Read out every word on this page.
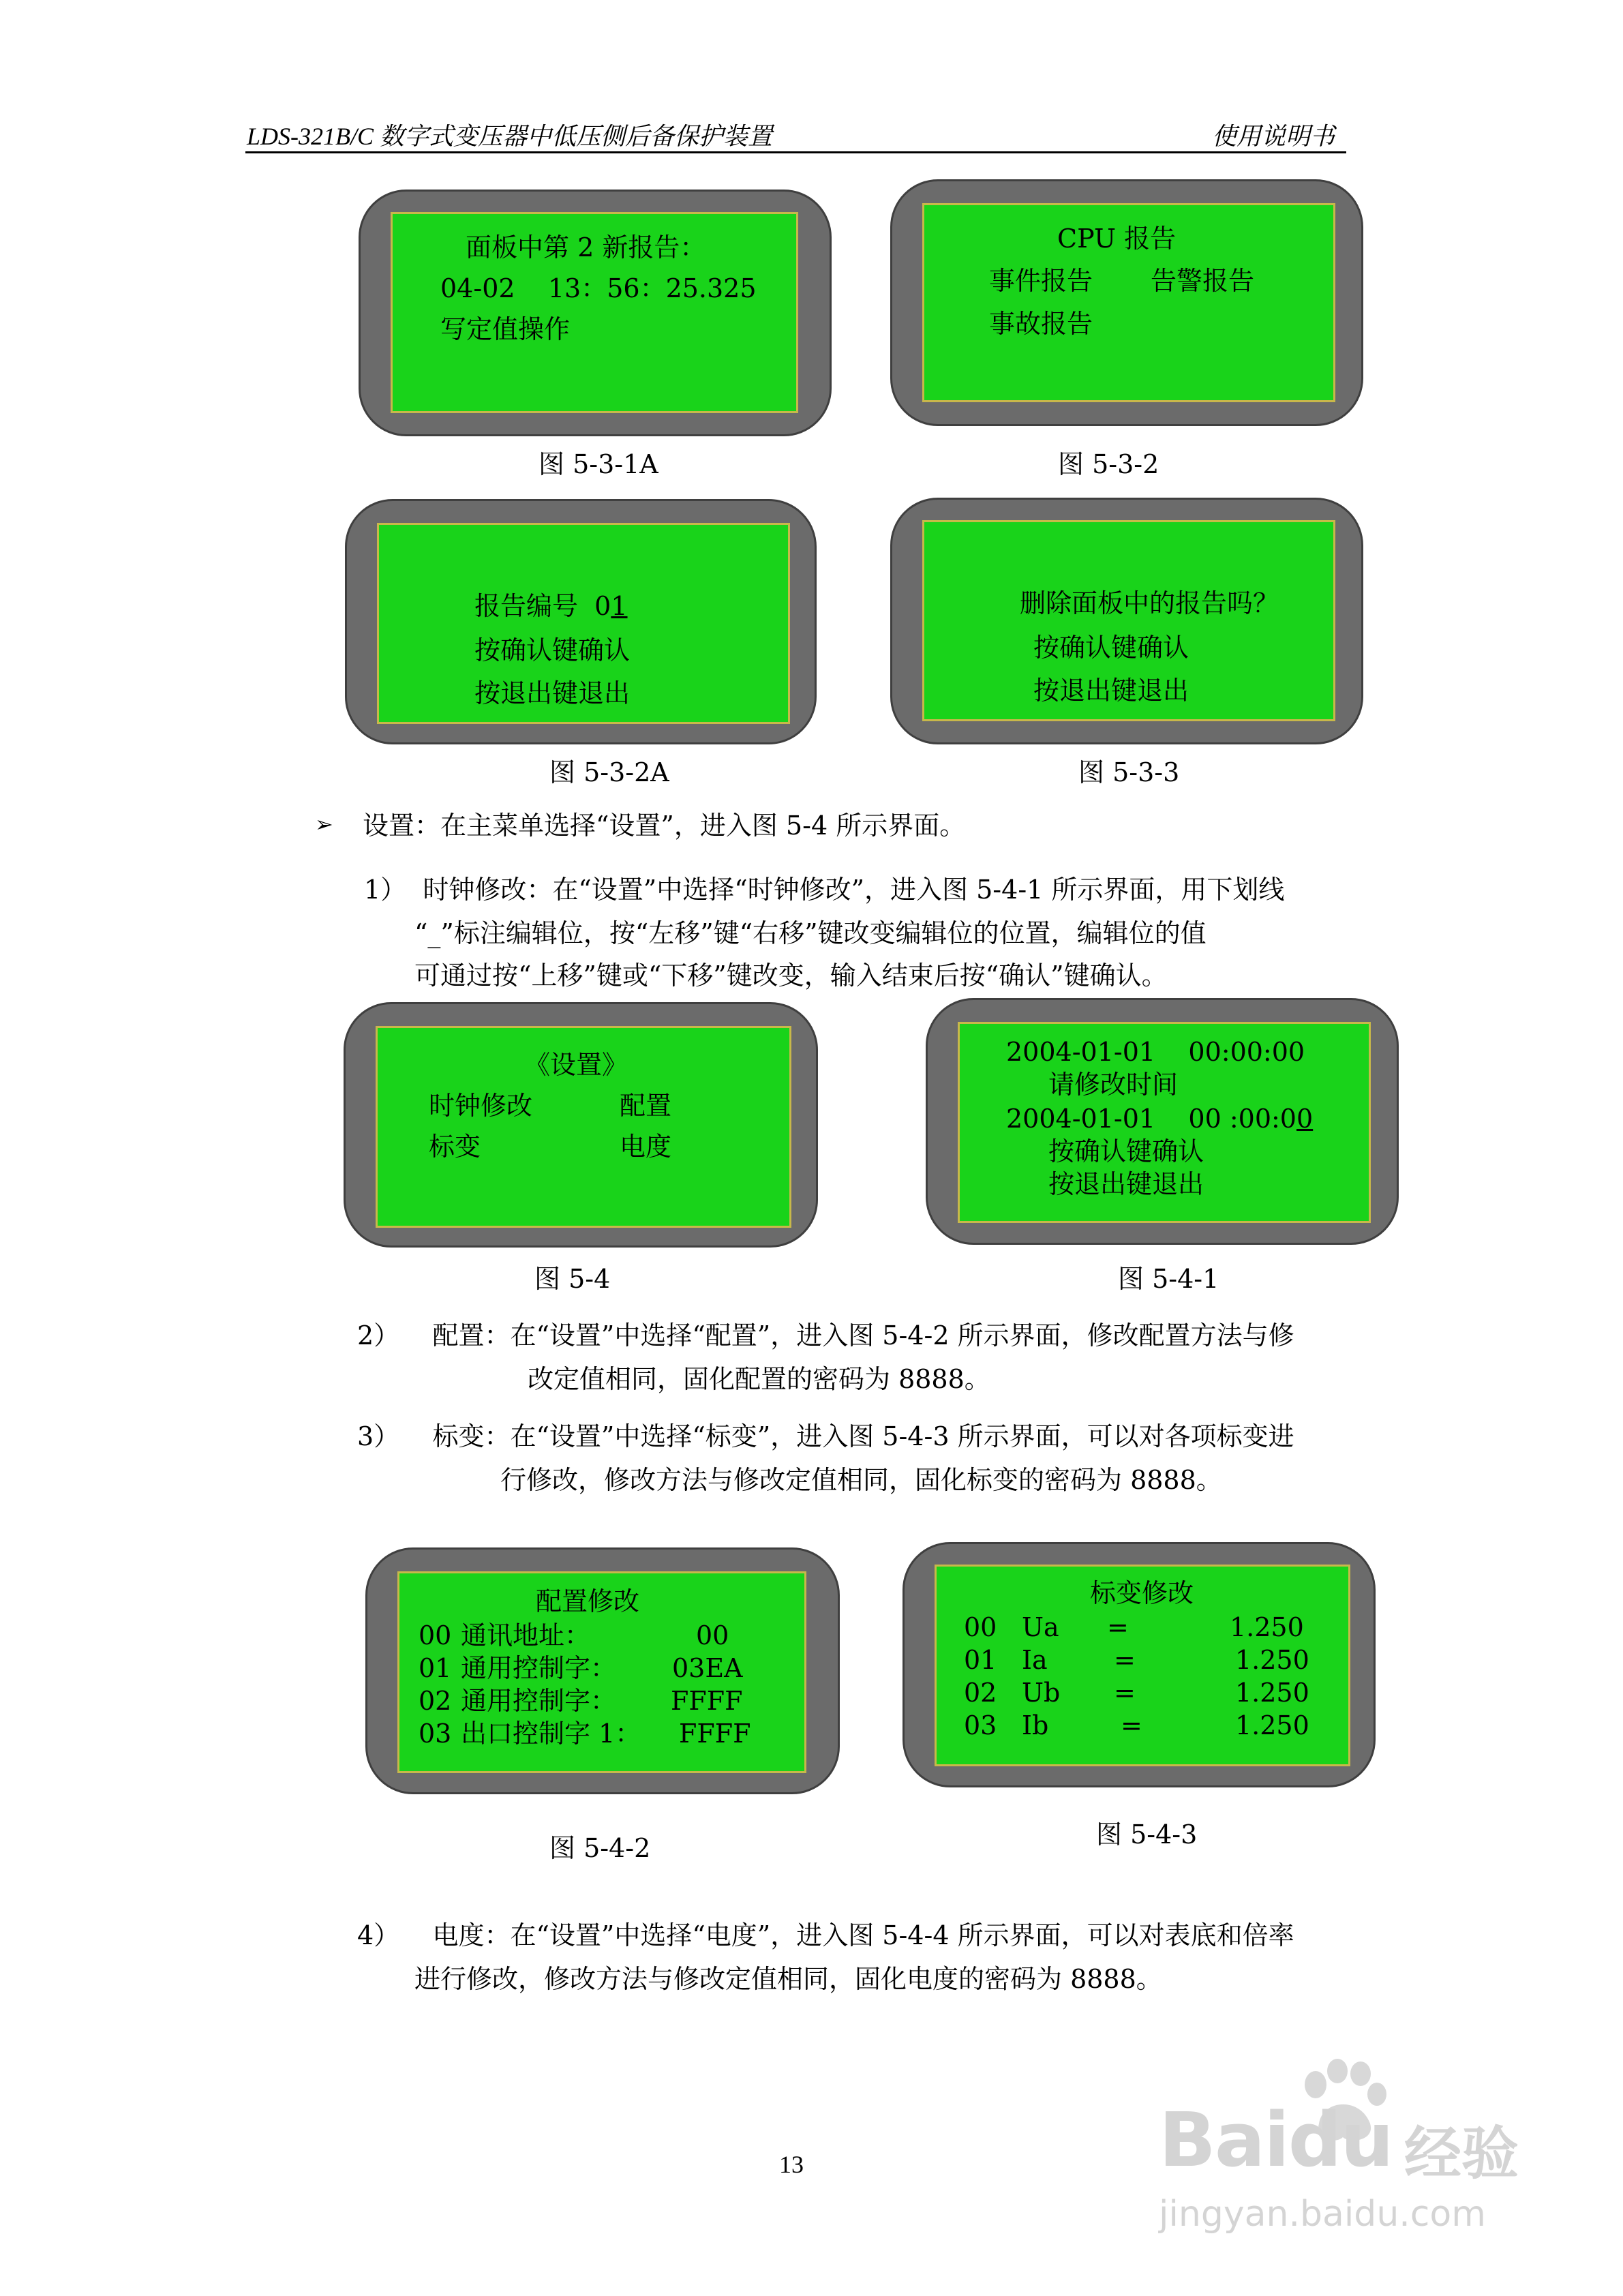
LDS-321B/C 数字式变压器中低压侧后备保护装置	使用说明书
面板中第 2 新报告：
04-02    13：56：25.325
写定值操作
图 5-3-1A
CPU 报告
事件报告 告警报告
事故报告
图 5-3-2
报告编号  01
按确认键确认
按退出键退出
图 5-3-2A
删除面板中的报告吗？
按确认键确认
按退出键退出
图 5-3-3
➢ 设置：在主菜单选择“设置”，进入图 5-4 所示界面。
1）  时钟修改：在“设置”中选择“时钟修改”，进入图 5-4-1 所示界面，用下划线
“_”标注编辑位，按“左移”键“右移”键改变编辑位的位置，编辑位的值
可通过按“上移”键或“下移”键改变，输入结束后按“确认”键确认。
《设置》
时钟修改	配置
标变	电度
图 5-4
2004-01-01    00:00:00
请修改时间
2004-01-01    00 :00:00
按确认键确认
按退出键退出
图 5-4-1
2）    配置：在“设置”中选择“配置”，进入图 5-4-2 所示界面，修改配置方法与修
改定值相同，固化配置的密码为 8888。
3）    标变：在“设置”中选择“标变”，进入图 5-4-3 所示界面，可以对各项标变进
行修改，修改方法与修改定值相同，固化标变的密码为 8888。
配置修改
00 通讯地址：	00
01 通用控制字： 03EA
02 通用控制字： FFFF
03 出口控制字 1： FFFF
图 5-4-2
标变修改
00 Ua =	1.250
01 Ia	=	1.250
02 Ub =	1.250
03 Ib	=	1.250
图 5-4-3
4）    电度：在“设置”中选择“电度”，进入图 5-4-4 所示界面，可以对表底和倍率
进行修改，修改方法与修改定值相同，固化电度的密码为 8888。
13	Baidu 经验
jingyan.baidu.com
